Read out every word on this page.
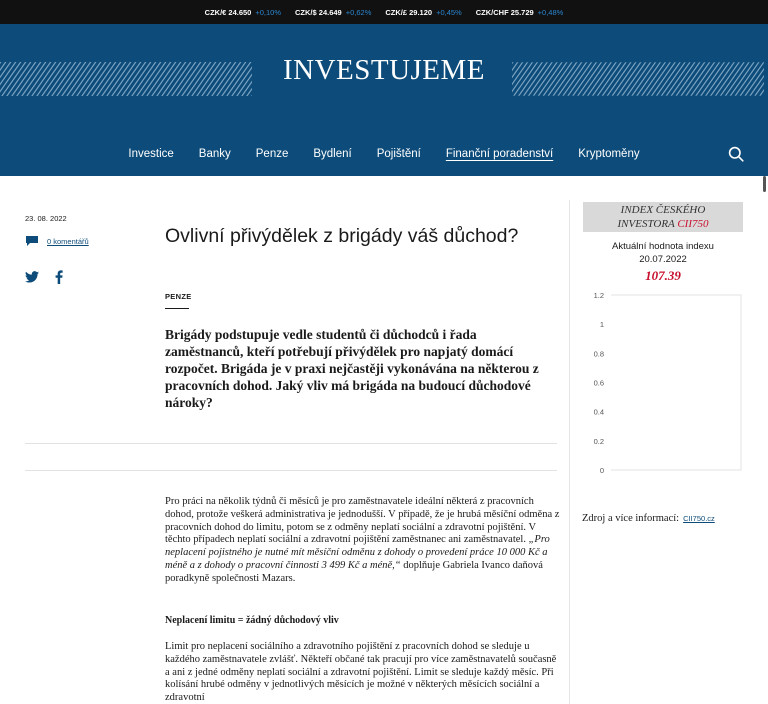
CZK/€ 24.650 +0,10% CZK/$ 24.649 +0,62% CZK/£ 29.120 +0,45% CZK/CHF 25.729 +0,48%
INVESTUJEME
Investice Banky Penze Bydlení Pojištění Finanční poradenství Kryptoměny
23. 08. 2022
0 komentářů	Ovlivní přivýdělek z brigády váš důchod?
PENZE

Brigády podstupuje vedle studentů či důchodců i řada zaměstnanců, kteří potřebují přivýdělek pro napjatý domácí rozpočet. Brigáda je v praxi nejčastěji vykonávána na některou z pracovních dohod. Jaký vliv má brigáda na budoucí důchodové nároky?

Pro práci na několik týdnů či měsíců je pro zaměstnavatele ideální některá z pracovních dohod, protože veškerá administrativa je jednodušší. V případě, že je hrubá měsíční odměna z pracovních dohod do limitu, potom se z odměny neplatí sociální a zdravotní pojištění. V těchto případech neplatí sociální a zdravotní pojištění zaměstnanec ani zaměstnavatel. „Pro neplacení pojistného je nutné mít měsíční odměnu z dohody o provedení práce 10 000 Kč a méně a z dohody o pracovní činnosti 3 499 Kč a méně,“ doplňuje Gabriela Ivanco daňová poradkyně společnosti Mazars.

Neplacení limitu = žádný důchodový vliv

Limit pro neplacení sociálního a zdravotního pojištění z pracovních dohod se sleduje u každého zaměstnavatele zvlášť. Někteří občané tak pracují pro více zaměstnavatelů současně a ani z jedné odměny neplatí sociální a zdravotní pojištění. Limit se sleduje každý měsíc. Při kolísání hrubé odměny v jednotlivých měsících je možné v některých měsících sociální a zdravotní

INDEX ČESKÉHO
INVESTORA CII750
Aktuální hodnota indexu
20.07.2022
107.39
1.2
1
0.8
0.6
0.4
0.2
0
Zdroj a více informací: CII750.cz
